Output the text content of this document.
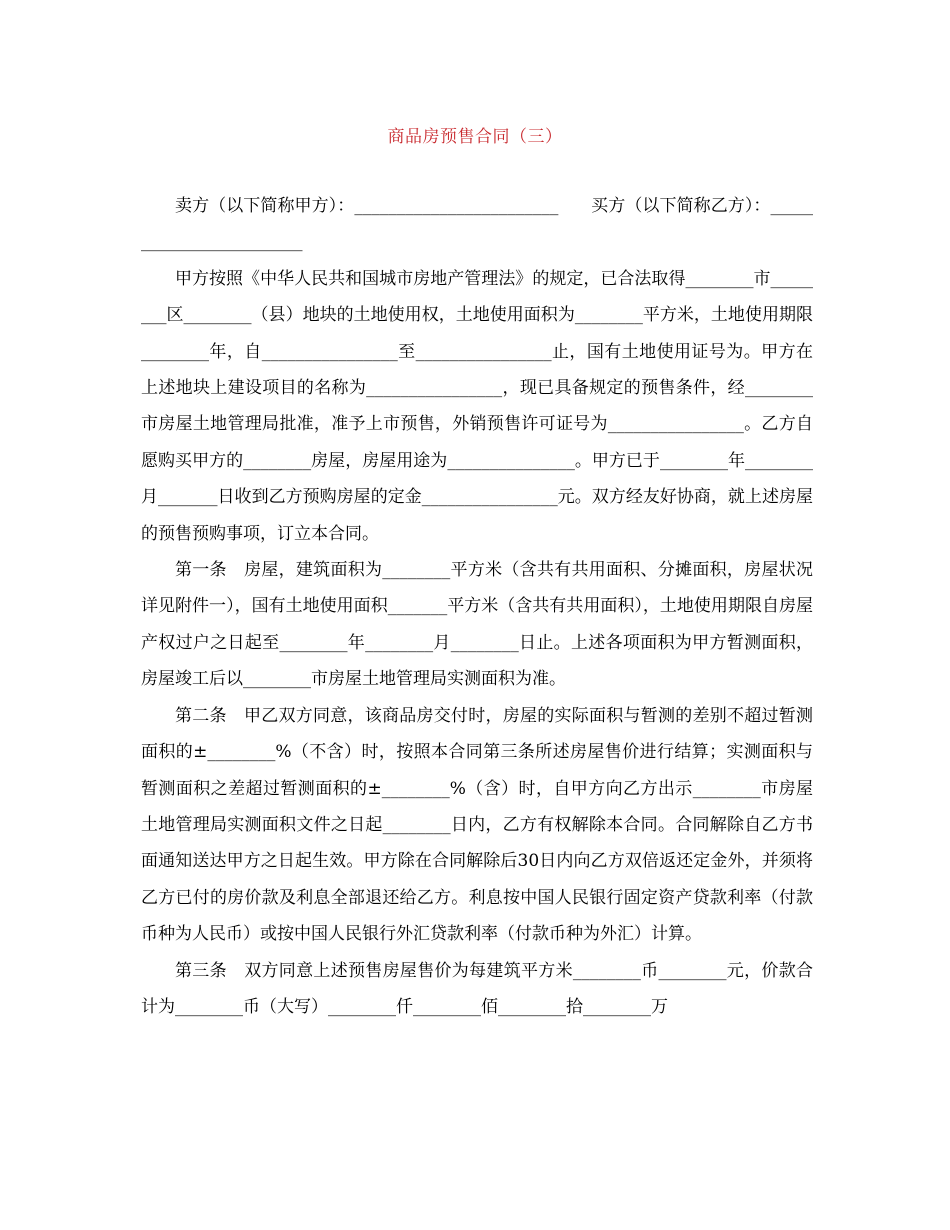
商品房预售合同（三）

卖方（以下简称甲方）：________________________      买方（以下简称乙方）：________________________

甲方按照《中华人民共和国城市房地产管理法》的规定，已合法取得________市________区________（县）地块的土地使用权，土地使用面积为________平方米，土地使用期限________年，自________________至________________止，国有土地使用证号为。甲方在上述地块上建设项目的名称为________________，现已具备规定的预售条件，经________市房屋土地管理局批准，准予上市预售，外销预售许可证号为________________。乙方自愿购买甲方的________房屋，房屋用途为_______________。甲方已于________年________月_______日收到乙方预购房屋的定金________________元。双方经友好协商，就上述房屋的预售预购事项，订立本合同。

第一条　房屋，建筑面积为________平方米（含共有共用面积、分摊面积，房屋状况详见附件一），国有土地使用面积_______平方米（含共有共用面积），土地使用期限自房屋产权过户之日起至________年________月________日止。上述各项面积为甲方暂测面积，房屋竣工后以________市房屋土地管理局实测面积为准。

第二条　甲乙双方同意，该商品房交付时，房屋的实际面积与暂测的差别不超过暂测面积的±________%（不含）时，按照本合同第三条所述房屋售价进行结算；实测面积与暂测面积之差超过暂测面积的±________%（含）时，自甲方向乙方出示________市房屋土地管理局实测面积文件之日起________日内，乙方有权解除本合同。合同解除自乙方书面通知送达甲方之日起生效。甲方除在合同解除后30日内向乙方双倍返还定金外，并须将乙方已付的房价款及利息全部退还给乙方。利息按中国人民银行固定资产贷款利率（付款币种为人民币）或按中国人民银行外汇贷款利率（付款币种为外汇）计算。

第三条　双方同意上述预售房屋售价为每建筑平方米________币________元，价款合计为________币（大写）________仟________佰________拾________万
